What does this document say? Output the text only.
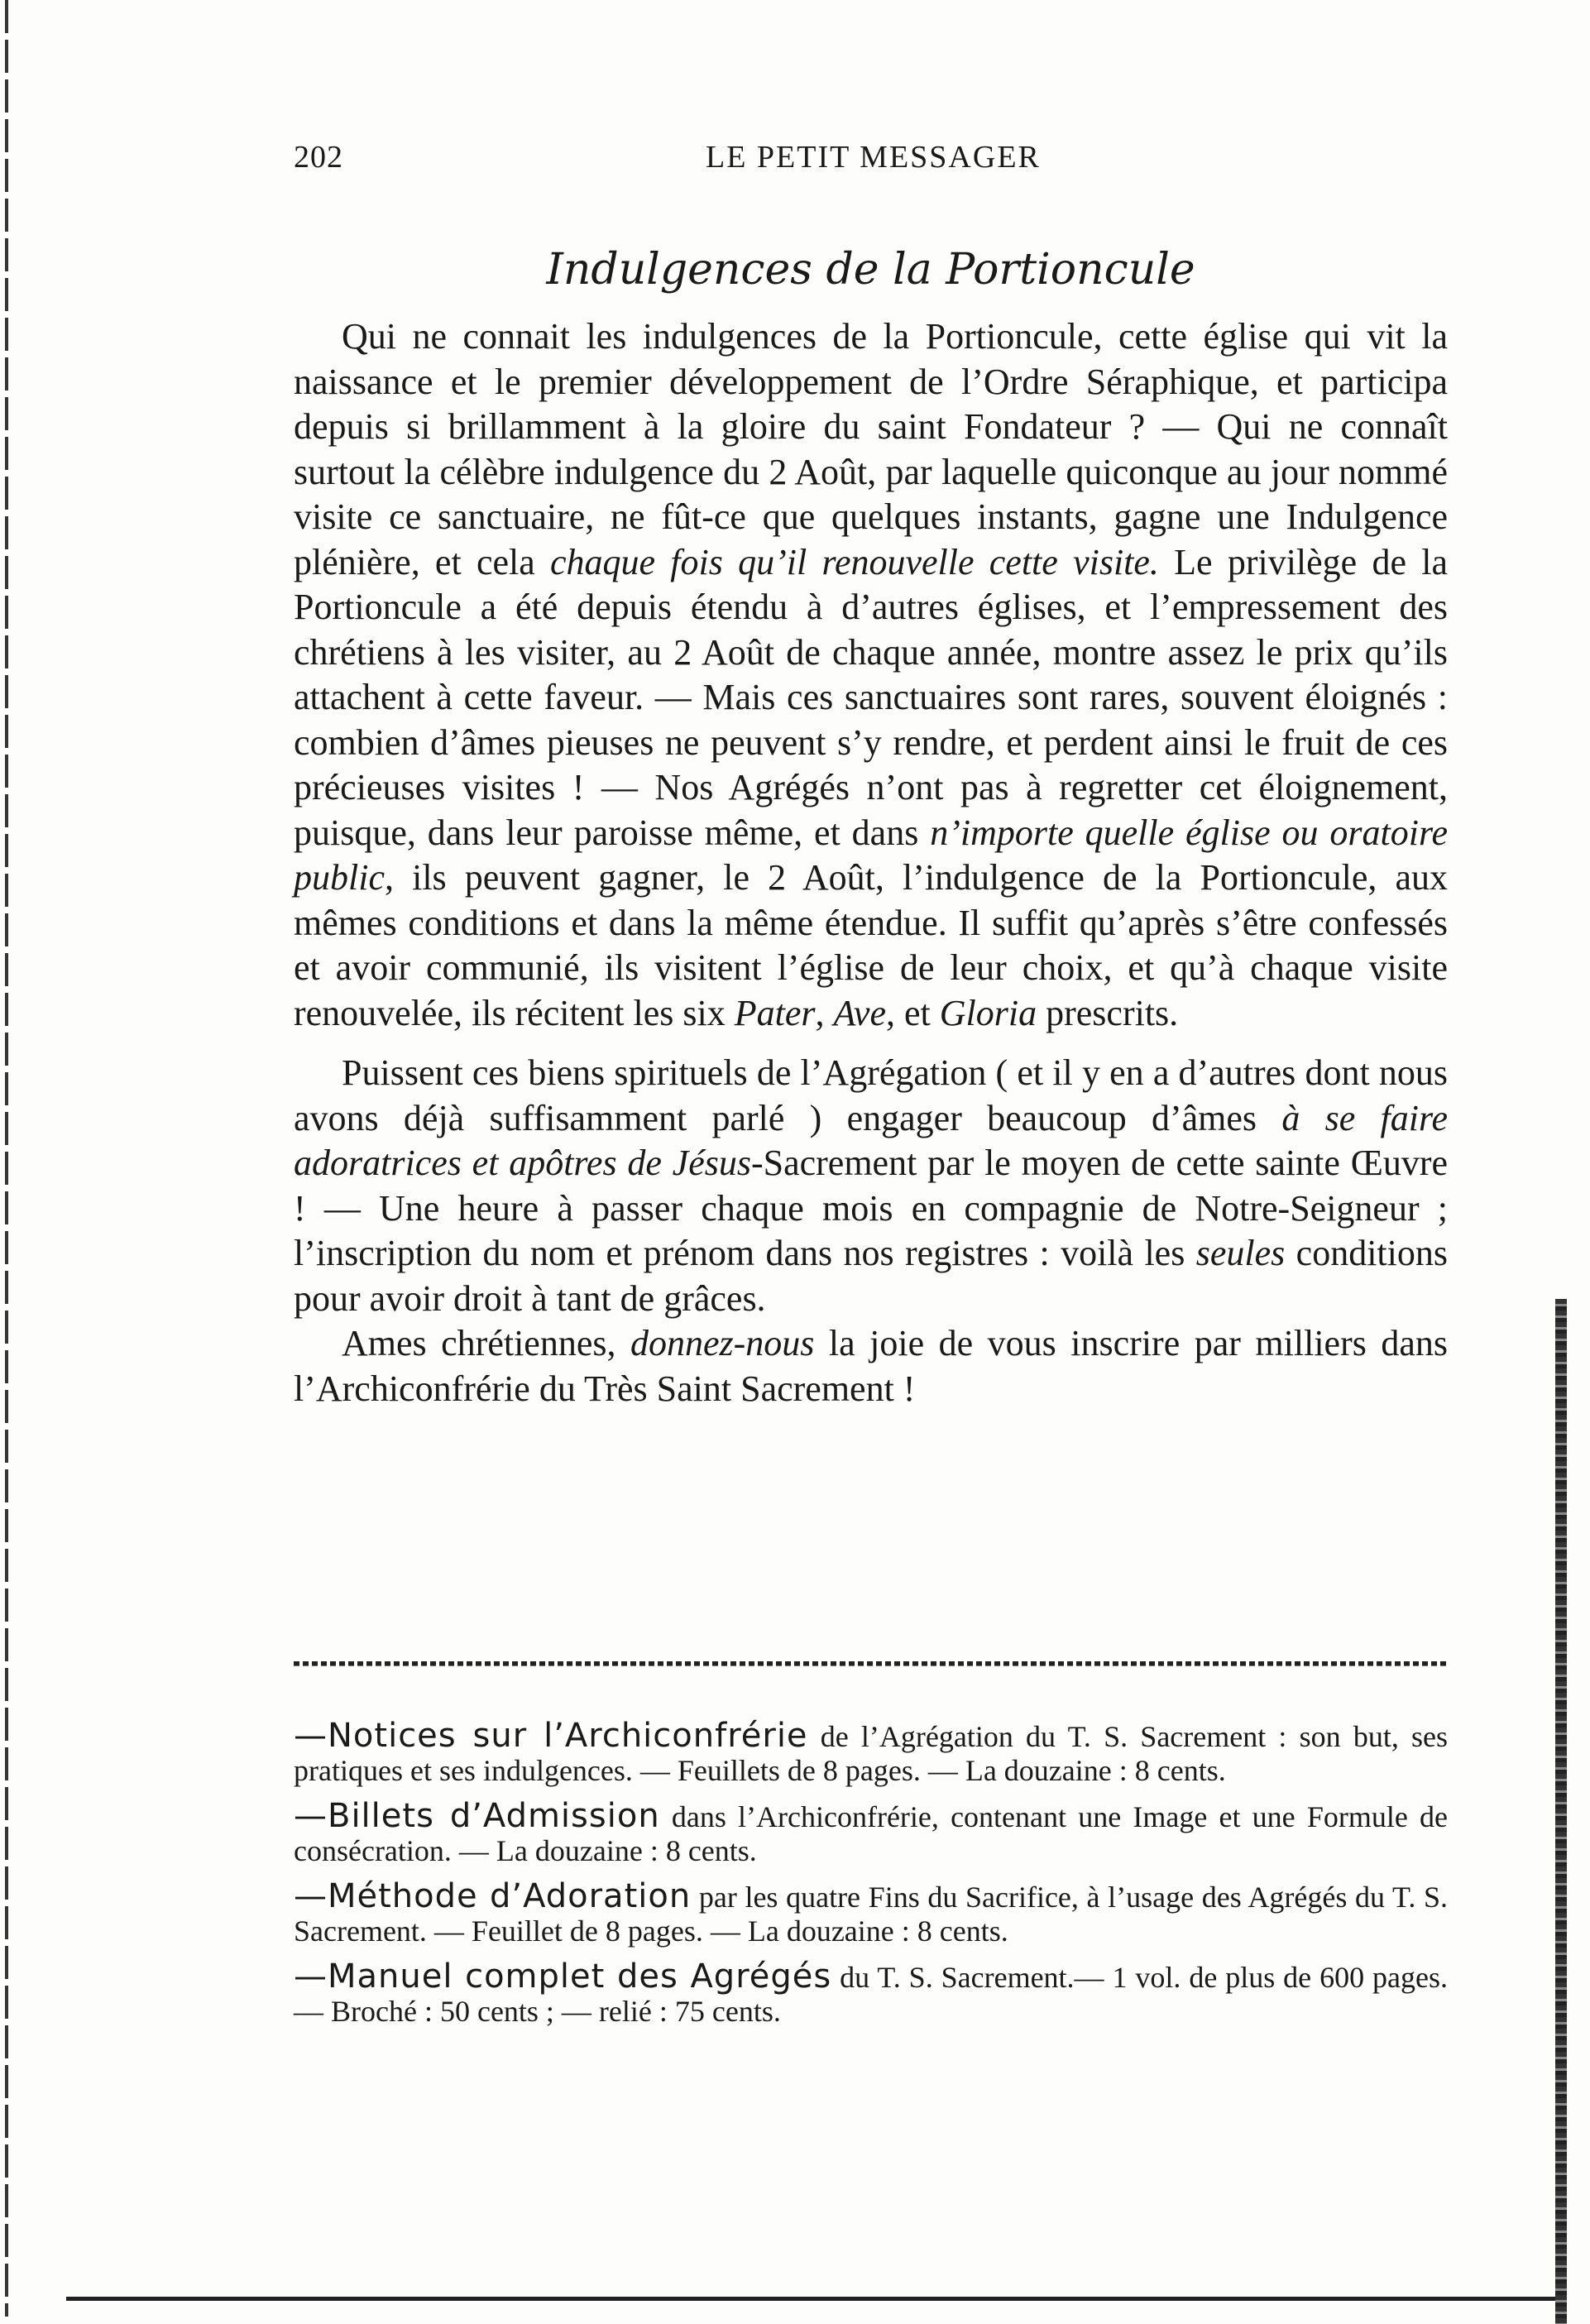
202	LE PETIT MESSAGER
Indulgences de la Portioncule

Qui ne connait les indulgences de la Portioncule, cette église qui vit la naissance et le premier développement de l’Ordre Séraphique, et participa depuis si brillamment à la gloire du saint Fondateur ? — Qui ne connaît surtout la célèbre indulgence du 2 Août, par laquelle quiconque au jour nommé visite ce sanctuaire, ne fût-ce que quelques instants, gagne une Indulgence plénière, et cela chaque fois qu’il renouvelle cette visite. Le privilège de la Portioncule a été depuis étendu à d’autres églises, et l’empressement des chrétiens à les visiter, au 2 Août de chaque année, montre assez le prix qu’ils attachent à cette faveur. — Mais ces sanctuaires sont rares, souvent éloignés : combien d’âmes pieuses ne peuvent s’y rendre, et perdent ainsi le fruit de ces précieuses visites ! — Nos Agrégés n’ont pas à regretter cet éloignement, puisque, dans leur paroisse même, et dans n’importe quelle église ou oratoire public, ils peuvent gagner, le 2 Août, l’indulgence de la Portioncule, aux mêmes conditions et dans la même étendue. Il suffit qu’après s’être confessés et avoir communié, ils visitent l’église de leur choix, et qu’à chaque visite renouvelée, ils récitent les six Pater, Ave, et Gloria prescrits.

Puissent ces biens spirituels de l’Agrégation ( et il y en a d’autres dont nous avons déjà suffisamment parlé ) engager beaucoup d’âmes à se faire adoratrices et apôtres de Jésus-Sacrement par le moyen de cette sainte Œuvre ! — Une heure à passer chaque mois en compagnie de Notre-Seigneur ; l’inscription du nom et prénom dans nos registres : voilà les seules conditions pour avoir droit à tant de grâces.

Ames chrétiennes, donnez-nous la joie de vous inscrire par milliers dans l’Archiconfrérie du Très Saint Sacrement !

—Notices sur l’Archiconfrérie de l’Agrégation du T. S. Sacrement : son but, ses pratiques et ses indulgences. — Feuillets de 8 pages. — La douzaine : 8 cents.
—Billets d’Admission dans l’Archiconfrérie, contenant une Image et une Formule de consécration. — La douzaine : 8 cents.
—Méthode d’Adoration par les quatre Fins du Sacrifice, à l’usage des Agrégés du T. S. Sacrement. — Feuillet de 8 pages. — La douzaine : 8 cents.
—Manuel complet des Agrégés du T. S. Sacrement.— 1 vol. de plus de 600 pages. — Broché : 50 cents ; — relié : 75 cents.
